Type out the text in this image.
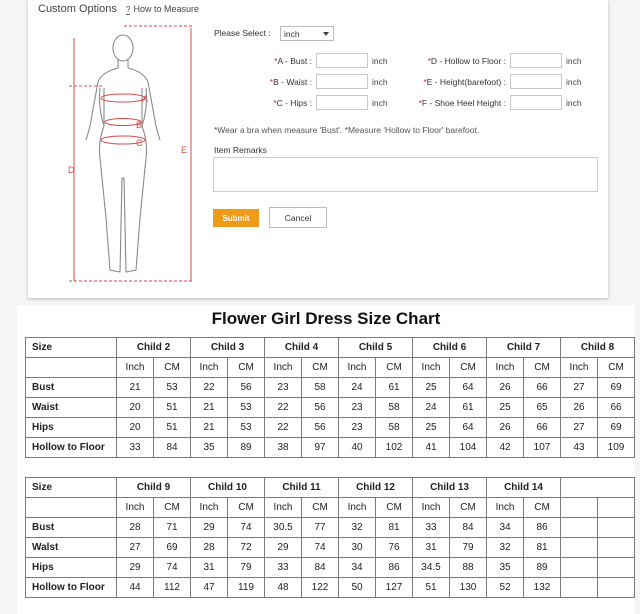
Custom Options ? How to Measure
A
B
C
D
E
Please Select :	inch
*A - Bust :	inch
*B - Waist :	inch
*C - Hips :	inch
*D - Hollow to Floor :	inch
*E - Height(barefoot) :	inch
*F - Shoe Heel Height :	inch
*Wear a bra when measure 'Bust'. *Measure 'Hollow to Floor' barefoot.
Item Remarks
Submit	Cancel
Flower Girl Dress Size Chart
Size	Child 2		Child 3		Child 4		Child 5		Child 6		Child 7		Child 8	
	Inch	CM	Inch	CM	Inch	CM	Inch	CM	Inch	CM	Inch	CM	Inch	CM
Bust	21	53	22	56	23	58	24	61	25	64	26	66	27	69
Waist	20	51	21	53	22	56	23	58	24	61	25	65	26	66
Hips	20	51	21	53	22	56	23	58	25	64	26	66	27	69
Hollow to Floor	33	84	35	89	38	97	40	102	41	104	42	107	43	109
Size	Child 9		Child 10		Child 11		Child 12		Child 13		Child 14			
	Inch	CM	Inch	CM	Inch	CM	Inch	CM	Inch	CM	Inch	CM		
Bust	28	71	29	74	30.5	77	32	81	33	84	34	86		
Walst	27	69	28	72	29	74	30	76	31	79	32	81		
Hips	29	74	31	79	33	84	34	86	34.5	88	35	89		
Hollow to Floor	44	112	47	119	48	122	50	127	51	130	52	132		
